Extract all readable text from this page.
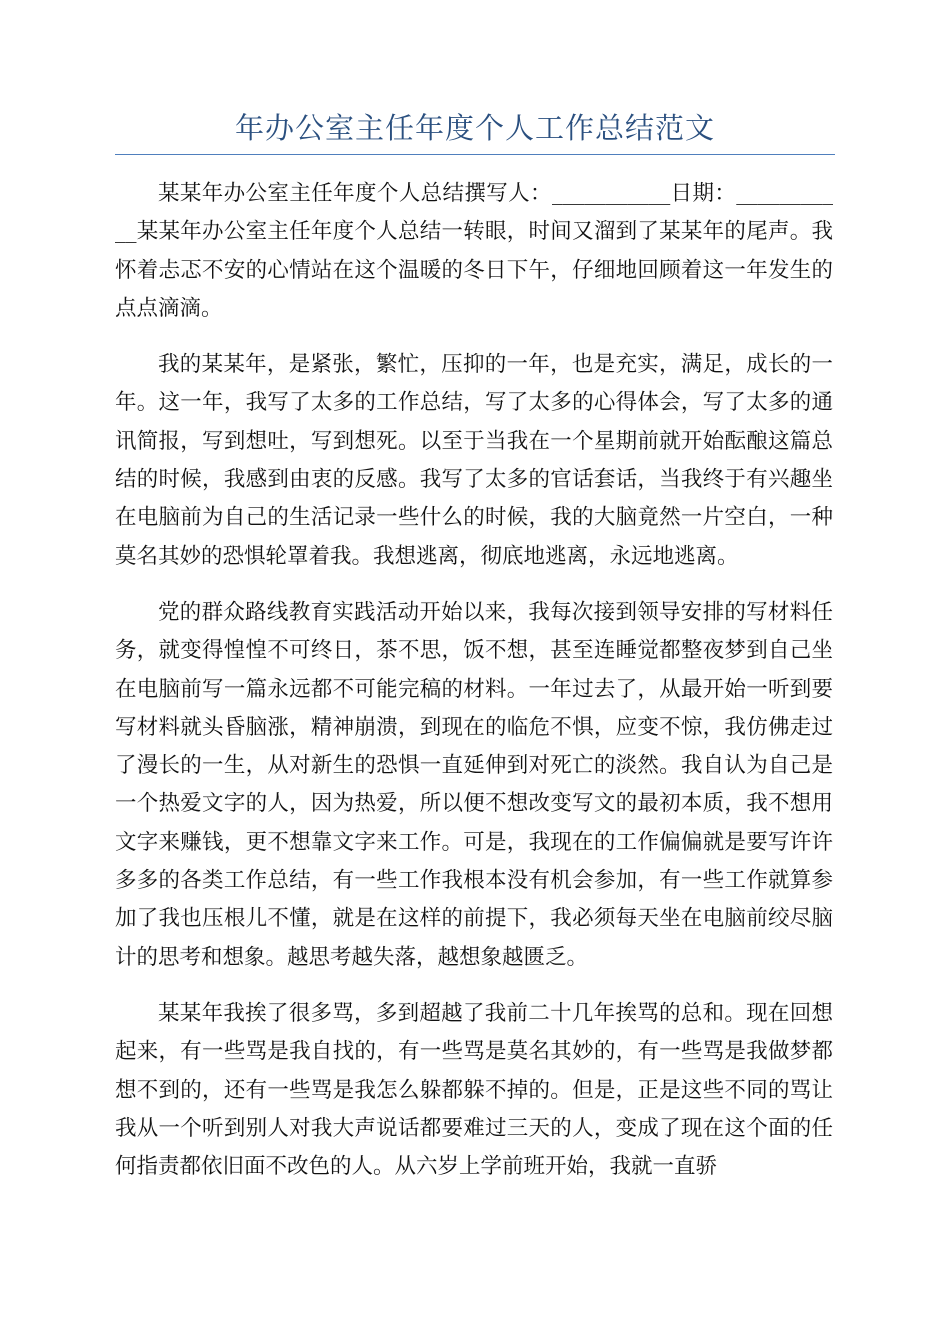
年办公室主任年度个人工作总结范文

某某年办公室主任年度个人总结撰写人：___________日期：___________某某年办公室主任年度个人总结一转眼，时间又溜到了某某年的尾声。我怀着忐忑不安的心情站在这个温暖的冬日下午，仔细地回顾着这一年发生的点点滴滴。

我的某某年，是紧张，繁忙，压抑的一年，也是充实，满足，成长的一年。这一年，我写了太多的工作总结，写了太多的心得体会，写了太多的通讯简报，写到想吐，写到想死。以至于当我在一个星期前就开始酝酿这篇总结的时候，我感到由衷的反感。我写了太多的官话套话，当我终于有兴趣坐在电脑前为自己的生活记录一些什么的时候，我的大脑竟然一片空白，一种莫名其妙的恐惧轮罩着我。我想逃离，彻底地逃离，永远地逃离。

党的群众路线教育实践活动开始以来，我每次接到领导安排的写材料任务，就变得惶惶不可终日，茶不思，饭不想，甚至连睡觉都整夜梦到自己坐在电脑前写一篇永远都不可能完稿的材料。一年过去了，从最开始一听到要写材料就头昏脑涨，精神崩溃，到现在的临危不惧，应变不惊，我仿佛走过了漫长的一生，从对新生的恐惧一直延伸到对死亡的淡然。我自认为自己是一个热爱文字的人，因为热爱，所以便不想改变写文的最初本质，我不想用文字来赚钱，更不想靠文字来工作。可是，我现在的工作偏偏就是要写许许多多的各类工作总结，有一些工作我根本没有机会参加，有一些工作就算参加了我也压根儿不懂，就是在这样的前提下，我必须每天坐在电脑前绞尽脑计的思考和想象。越思考越失落，越想象越匮乏。

某某年我挨了很多骂，多到超越了我前二十几年挨骂的总和。现在回想起来，有一些骂是我自找的，有一些骂是莫名其妙的，有一些骂是我做梦都想不到的，还有一些骂是我怎么躲都躲不掉的。但是，正是这些不同的骂让我从一个听到别人对我大声说话都要难过三天的人，变成了现在这个面的任何指责都依旧面不改色的人。从六岁上学前班开始，我就一直骄
